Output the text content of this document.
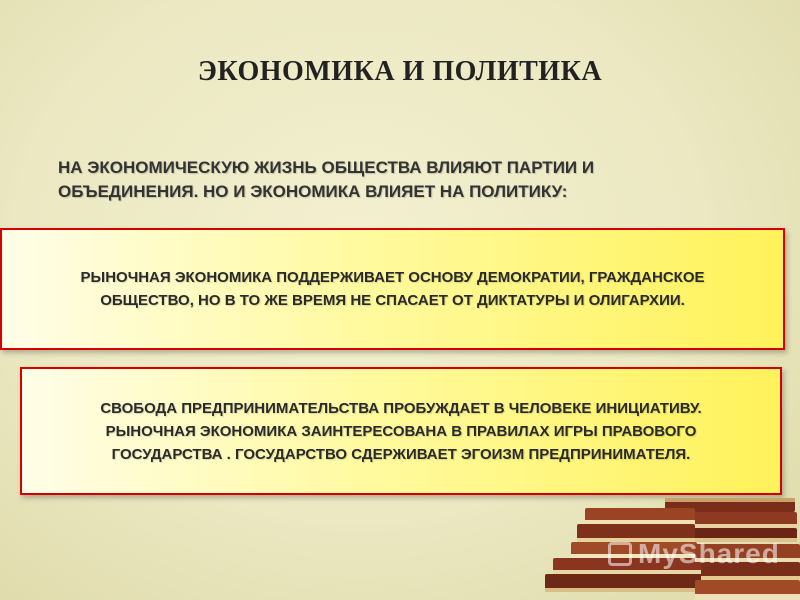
ЭКОНОМИКА И ПОЛИТИКА

НА ЭКОНОМИЧЕСКУЮ ЖИЗНЬ ОБЩЕСТВА ВЛИЯЮТ ПАРТИИ И
ОБЪЕДИНЕНИЯ. НО И ЭКОНОМИКА ВЛИЯЕТ НА ПОЛИТИКУ:

РЫНОЧНАЯ ЭКОНОМИКА ПОДДЕРЖИВАЕТ ОСНОВУ ДЕМОКРАТИИ, ГРАЖДАНСКОЕ
ОБЩЕСТВО, НО В ТО ЖЕ ВРЕМЯ НЕ СПАСАЕТ ОТ ДИКТАТУРЫ И ОЛИГАРХИИ.
СВОБОДА ПРЕДПРИНИМАТЕЛЬСТВА ПРОБУЖДАЕТ В ЧЕЛОВЕКЕ ИНИЦИАТИВУ.
РЫНОЧНАЯ ЭКОНОМИКА ЗАИНТЕРЕСОВАНА В ПРАВИЛАХ ИГРЫ ПРАВОВОГО
ГОСУДАРСТВА . ГОСУДАРСТВО СДЕРЖИВАЕТ ЭГОИЗМ ПРЕДПРИНИМАТЕЛЯ.
MyShared
